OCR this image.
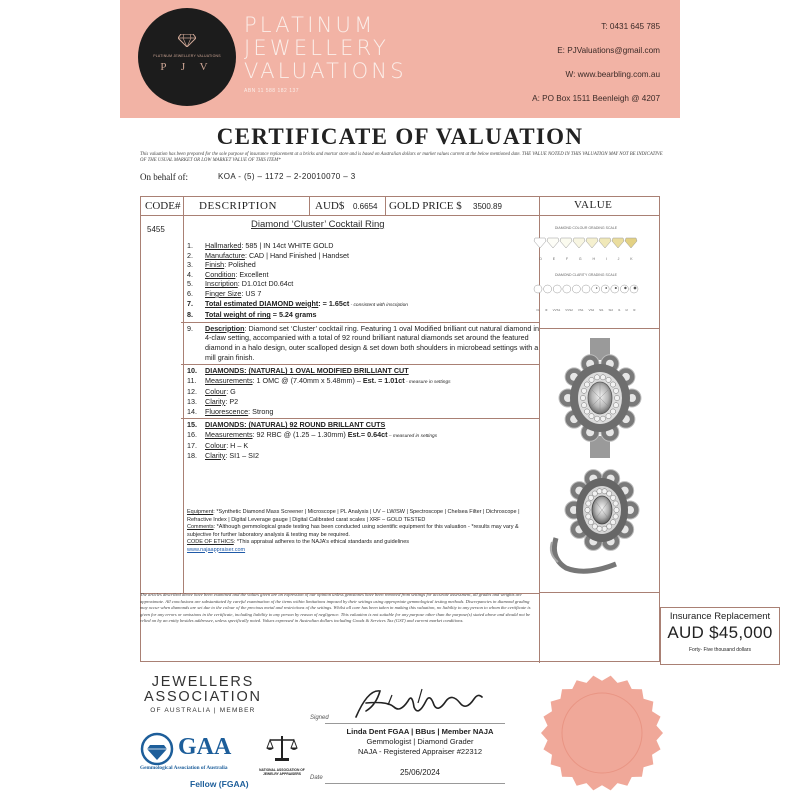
PLATINUM JEWELLERY VALUATIONS
P J V
PLATINUM
JEWELLERY
VALUATIONS
ABN 11 588 182 137
T: 0431 645 785
E: PJValuations@gmail.com
W: www.bearbling.com.au
A: PO Box 1511 Beenleigh @ 4207
CERTIFICATE OF VALUATION
This valuation has been prepared for the sole purpose of insurance replacement at a bricks and mortar store and is based on Australian dollars or market values current at the below mentioned date. THE VALUE NOTED IN THIS VALUATION MAY NOT BE INDICATIVE OF THE USUAL MARKET OR LOW MARKET VALUE OF THIS ITEM*
On behalf of:	KOA - (5) – 1172 – 2-20010070 – 3
CODE# DESCRIPTION	AUD$ 0.6654 GOLD PRICE $ 3500.89
5455	Diamond ‘Cluster’ Cocktail Ring
1. Hallmarked: 585 | IN 14ct WHITE GOLD
2. Manufacture: CAD | Hand Finished | Handset
3. Finish: Polished
4. Condition: Excellent
5. Inscription: D1.01ct D0.64ct
6. Finger Size: US 7
7. Total estimated DIAMOND weight: = 1.65ct - consistent with inscription
8. Total weight of ring = 5.24 grams
9. Description: Diamond set ‘Cluster’ cocktail ring. Featuring 1 oval Modified brilliant cut natural diamond in 4-claw setting, accompanied with a total of 92 round brilliant natural diamonds set around the featured diamond in a halo design, outer scalloped design & set down both shoulders in microbead settings with a mill grain finish.
10. DIAMONDS: (NATURAL) 1 OVAL MODIFIED BRILLIANT CUT
11. Measurements: 1 OMC @ (7.40mm x 5.48mm) – Est. = 1.01ct - measure in settings
12. Colour: G
13. Clarity: P2
14. Fluorescence: Strong
15. DIAMONDS: (NATURAL) 92 ROUND BRILLANT CUTS
16. Measurements: 92 RBC @ (1.25 – 1.30mm) Est.= 0.64ct – measured in settings
17. Colour: H – K
18. Clarity: SI1 – SI2
Equipment: *Synthetic Diamond Mass Screener | Microscope | PL Analysis | UV – LW/SW | Spectroscope | Chelsea Filter | Dichroscope | Refractive Index | Digital Leverage gauge | Digital Calibrated carat scales | XRF – GOLD TESTED
Comments: *Although gemmological grade testing has been conducted using scientific equipment for this valuation - *results may vary & subjective for further laboratory analysis & testing may be required.
CODE OF ETHICS: *This appraisal adheres to the NAJA’s ethical standards and guidelines
www.najaappraiser.com
VALUE
DIAMOND COLOUR GRADING SCALE
D	E	F	G	H	I	J	K
DIAMOND CLARITY GRADING SCALE
FL IF VVS1 VVS2 VS1 VS2 SI1 SI2 I1 I2 I3
The articles described above have been examined and the values given are an expression of our opinion unless gemstones have been removed from settings for accurate assessment, all grades and weights are approximate. All conclusions are substantiated by careful examination of the items within limitations imposed by their settings using appropriate gemmological testing methods. Discrepancies in diamond grading may occur when diamonds are set due to the colour of the precious metal and restrictions of the settings. Whilst all care has been taken in making this valuation, no liability to any person to whom the certificate is given for any errors or omissions in the certificate, including liability to any person by reason of negligence. This valuation is not suitable for any purpose other than the purpose(s) stated above and should not be relied on by an entity besides addressee, unless specifically noted. Values expressed in Australian dollars including Goods & Services Tax (GST) and current market conditions.	Insurance Replacement
AUD $45,000
Forty- Five thousand dollars
JEWELLERS
ASSOCIATION
OF AUSTRALIA | MEMBER
GAA
Gemmological Association of Australia
Fellow (FGAA)
NATIONAL ASSOCIATION OF JEWELRY APPRAISERS
Signed
Linda Dent FGAA | BBus | Member NAJA
Gemmologist | Diamond Grader
NAJA - Registered Appraiser #22312
25/06/2024
Date
